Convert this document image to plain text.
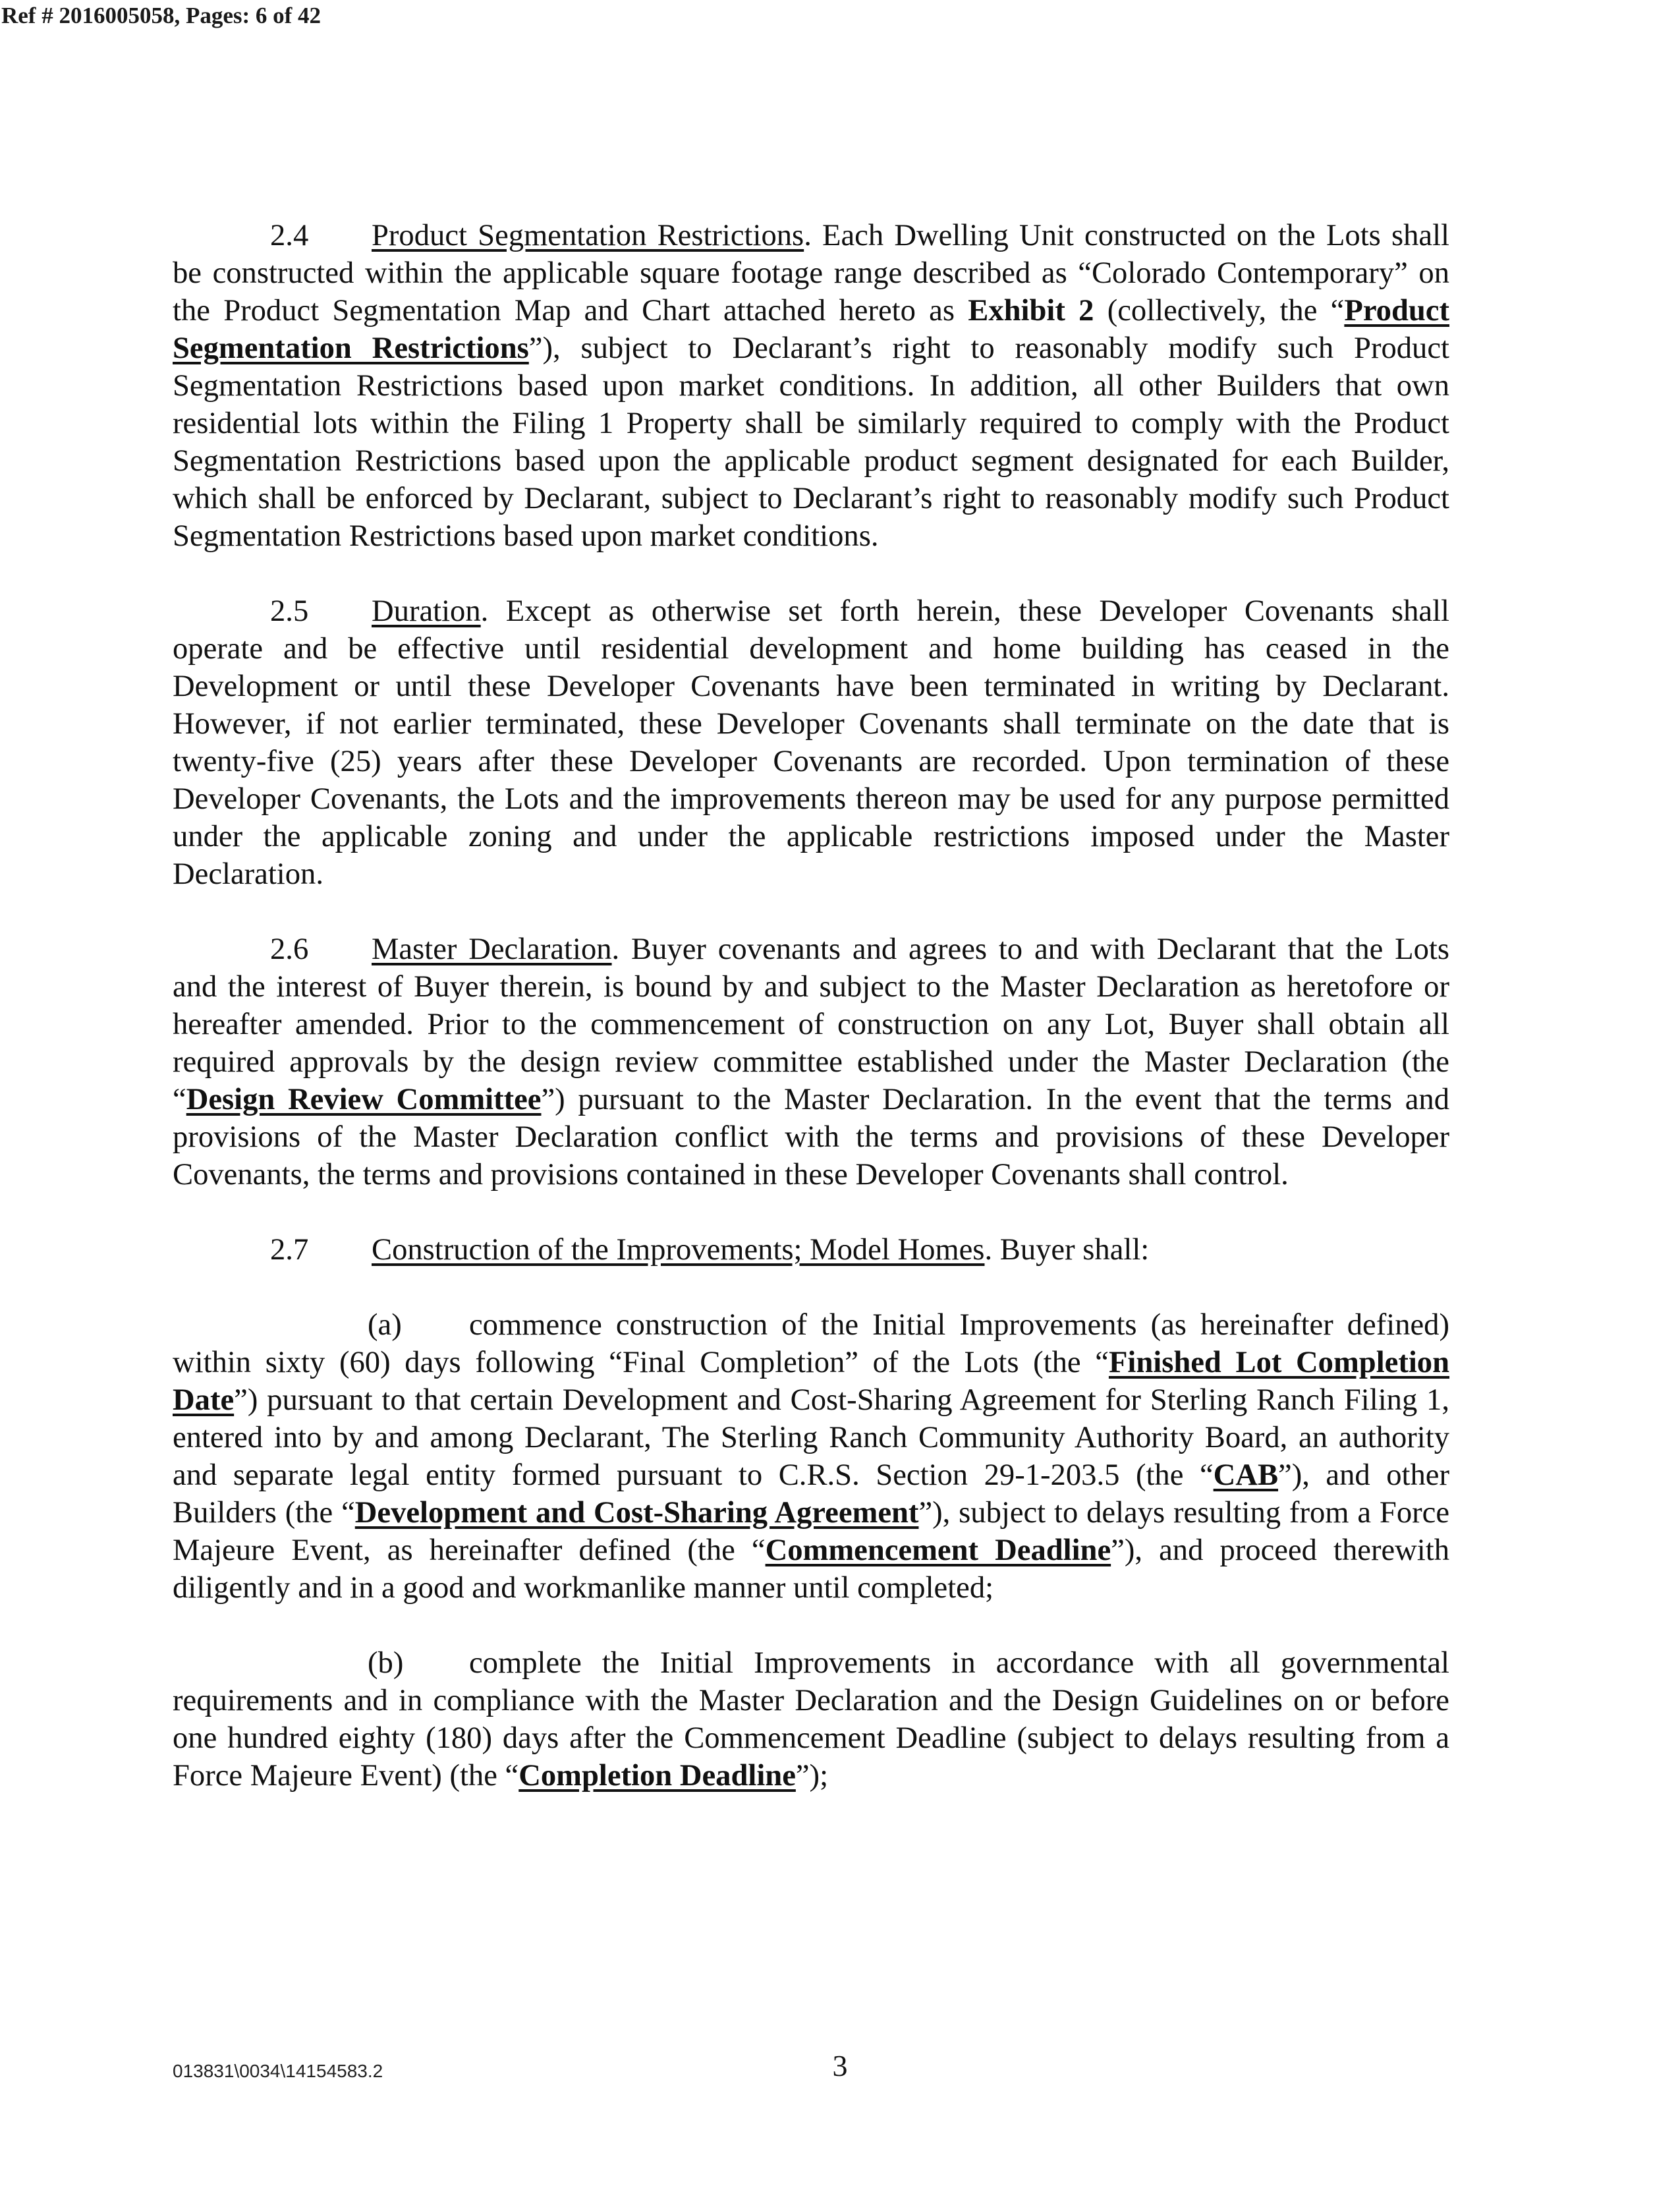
Ref # 2016005058, Pages: 6 of 42

2.4 Product Segmentation Restrictions. Each Dwelling Unit constructed on the Lots shall be constructed within the applicable square footage range described as “Colorado Contemporary” on the Product Segmentation Map and Chart attached hereto as Exhibit 2 (collectively, the “Product Segmentation Restrictions”), subject to Declarant’s right to reasonably modify such Product Segmentation Restrictions based upon market conditions. In addition, all other Builders that own residential lots within the Filing 1 Property shall be similarly required to comply with the Product Segmentation Restrictions based upon the applicable product segment designated for each Builder, which shall be enforced by Declarant, subject to Declarant’s right to reasonably modify such Product Segmentation Restrictions based upon market conditions.

2.5 Duration. Except as otherwise set forth herein, these Developer Covenants shall operate and be effective until residential development and home building has ceased in the Development or until these Developer Covenants have been terminated in writing by Declarant. However, if not earlier terminated, these Developer Covenants shall terminate on the date that is twenty-five (25) years after these Developer Covenants are recorded. Upon termination of these Developer Covenants, the Lots and the improvements thereon may be used for any purpose permitted under the applicable zoning and under the applicable restrictions imposed under the Master Declaration.

2.6 Master Declaration. Buyer covenants and agrees to and with Declarant that the Lots and the interest of Buyer therein, is bound by and subject to the Master Declaration as heretofore or hereafter amended. Prior to the commencement of construction on any Lot, Buyer shall obtain all required approvals by the design review committee established under the Master Declaration (the “Design Review Committee”) pursuant to the Master Declaration. In the event that the terms and provisions of the Master Declaration conflict with the terms and provisions of these Developer Covenants, the terms and provisions contained in these Developer Covenants shall control.

2.7 Construction of the Improvements; Model Homes. Buyer shall:

(a) commence construction of the Initial Improvements (as hereinafter defined) within sixty (60) days following “Final Completion” of the Lots (the “Finished Lot Completion Date”) pursuant to that certain Development and Cost-Sharing Agreement for Sterling Ranch Filing 1, entered into by and among Declarant, The Sterling Ranch Community Authority Board, an authority and separate legal entity formed pursuant to C.R.S. Section 29-1-203.5 (the “CAB”), and other Builders (the “Development and Cost-Sharing Agreement”), subject to delays resulting from a Force Majeure Event, as hereinafter defined (the “Commencement Deadline”), and proceed therewith diligently and in a good and workmanlike manner until completed;

(b) complete the Initial Improvements in accordance with all governmental requirements and in compliance with the Master Declaration and the Design Guidelines on or before one hundred eighty (180) days after the Commencement Deadline (subject to delays resulting from a Force Majeure Event) (the “Completion Deadline”);

013831\0034\14154583.2	3
